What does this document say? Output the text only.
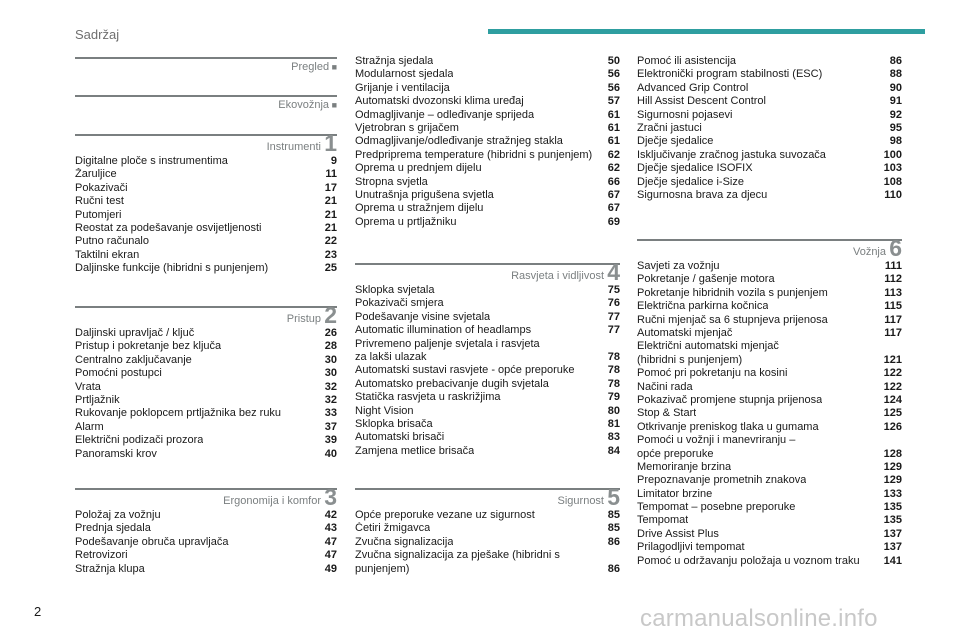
Sadržaj
Pregled ■
Ekovožnja ■
Instrumenti 1
Digitalne ploče s instrumentima	9
Žaruljice	11
Pokazivači	17
Ručni test	21
Putomjeri	21
Reostat za podešavanje osvijetljenosti	21
Putno računalo	22
Taktilni ekran	23
Daljinske funkcije (hibridni s punjenjem)	25
Pristup 2
Daljinski upravljač / ključ	26
Pristup i pokretanje bez ključa	28
Centralno zaključavanje	30
Pomoćni postupci	30
Vrata	32
Prtljažnik	32
Rukovanje poklopcem prtljažnika bez ruku	33
Alarm	37
Električni podizači prozora	39
Panoramski krov	40
Ergonomija i komfor 3
Položaj za vožnju	42
Prednja sjedala	43
Podešavanje obruča upravljača	47
Retrovizori	47
Stražnja klupa	49
Stražnja sjedala	50
Modularnost sjedala	56
Grijanje i ventilacija	56
Automatski dvozonski klima uređaj	57
Odmagljivanje – odleđivanje sprijeda	61
Vjetrobran s grijačem	61
Odmagljivanje/odleđivanje stražnjeg stakla	61
Predpriprema temperature (hibridni s punjenjem)	62
Oprema u prednjem dijelu	62
Stropna svjetla	66
Unutrašnja prigušena svjetla	67
Oprema u stražnjem dijelu	67
Oprema u prtljažniku	69
Rasvjeta i vidljivost 4
Sklopka svjetala	75
Pokazivači smjera	76
Podešavanje visine svjetala	77
Automatic illumination of headlamps	77
Privremeno paljenje svjetala i rasvjeta
za lakši ulazak	78
Automatski sustavi rasvjete - opće preporuke	78
Automatsko prebacivanje dugih svjetala	78
Statička rasvjeta u raskrižjima	79
Night Vision	80
Sklopka brisača	81
Automatski brisači	83
Zamjena metlice brisača	84
Sigurnost 5
Opće preporuke vezane uz sigurnost	85
Četiri žmigavca	85
Zvučna signalizacija	86
Zvučna signalizacija za pješake (hibridni s
punjenjem)	86
Pomoć ili asistencija	86
Elektronički program stabilnosti (ESC)	88
Advanced Grip Control	90
Hill Assist Descent Control	91
Sigurnosni pojasevi	92
Zračni jastuci	95
Dječje sjedalice	98
Isključivanje zračnog jastuka suvozača	100
Dječje sjedalice ISOFIX	103
Dječje sjedalice i-Size	108
Sigurnosna brava za djecu	110
Vožnja 6
Savjeti za vožnju	111
Pokretanje / gašenje motora	112
Pokretanje hibridnih vozila s punjenjem	113
Električna parkirna kočnica	115
Ručni mjenjač sa 6 stupnjeva prijenosa	117
Automatski mjenjač	117
Električni automatski mjenjač
(hibridni s punjenjem)	121
Pomoć pri pokretanju na kosini	122
Načini rada	122
Pokazivač promjene stupnja prijenosa	124
Stop & Start	125
Otkrivanje preniskog tlaka u gumama	126
Pomoći u vožnji i manevriranju –
opće preporuke	128
Memoriranje brzina	129
Prepoznavanje prometnih znakova	129
Limitator brzine	133
Tempomat – posebne preporuke	135
Tempomat	135
Drive Assist Plus	137
Prilagodljivi tempomat	137
Pomoć u održavanju položaja u voznom traku	141
2	carmanualsonline.info
